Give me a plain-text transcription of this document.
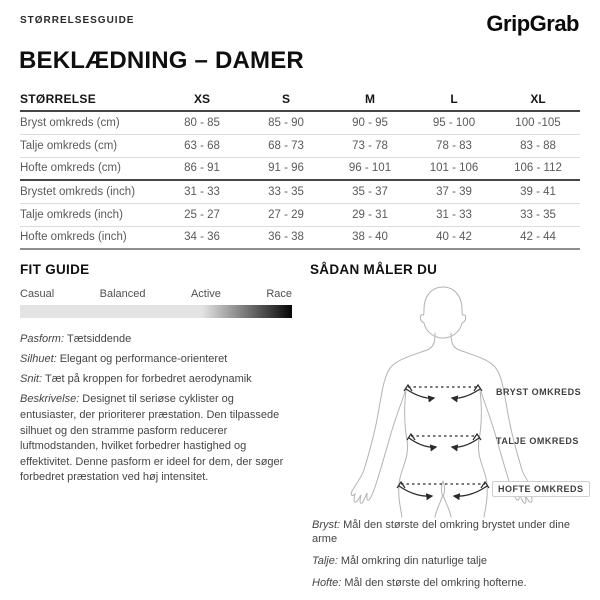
STØRRELSESGUIDE	GripGrab
BEKLÆDNING – DAMER
STØRRELSE	XS	S	M	L	XL
Bryst omkreds (cm)	80 - 85	85 - 90	90 - 95	95 - 100	100 -105
Talje omkreds (cm)	63 - 68	68 - 73	73 - 78	78 - 83	83 - 88
Hofte omkreds (cm)	86 - 91	91 - 96	96 - 101	101 - 106	106 - 112
Brystet omkreds (inch)	31 - 33	33 - 35	35 - 37	37 - 39	39 - 41
Talje omkreds (inch)	25 - 27	27 - 29	29 - 31	31 - 33	33 - 35
Hofte omkreds (inch)	34 - 36	36 - 38	38 - 40	40 - 42	42 - 44
FIT GUIDE
Casual	Balanced	Active	Race
Pasform: Tætsiddende
Silhuet: Elegant og performance-orienteret
Snit: Tæt på kroppen for forbedret aerodynamik
Beskrivelse: Designet til seriøse cyklister og entusiaster, der prioriterer præstation. Den tilpassede silhuet og den stramme pasform reducerer luftmodstanden, hvilket forbedrer hastighed og effektivitet. Denne pasform er ideel for dem, der søger forbedret præstation ved høj intensitet.
SÅDAN MÅLER DU
BRYST OMKREDS
TALJE OMKREDS
HOFTE OMKREDS
Bryst: Mål den største del omkring brystet under dine arme
Talje: Mål omkring din naturlige talje
Hofte: Mål den største del omkring hofterne.
